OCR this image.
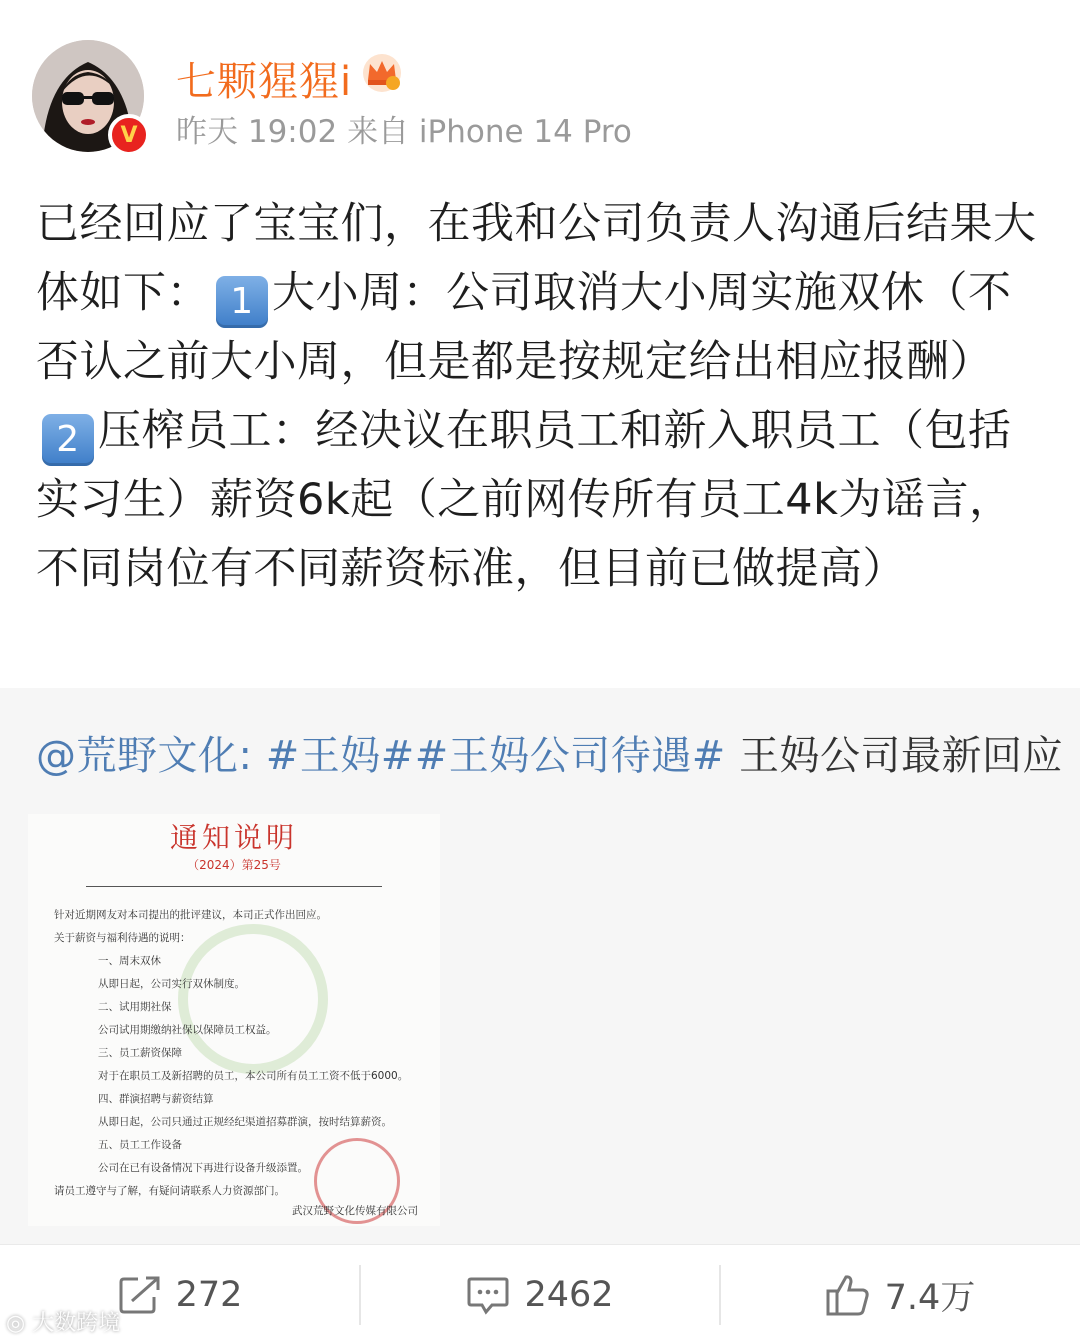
V
七颗猩猩i
昨天 19:02 来自 iPhone 14 Pro
已经回应了宝宝们，在我和公司负责人沟通后结果大体如下： 1 大小周：公司取消大小周实施双休（不否认之前大小周，但是都是按规定给出相应报酬）2 压榨员工：经决议在职员工和新入职员工（包括实习生）薪资6k起（之前网传所有员工4k为谣言，不同岗位有不同薪资标准，但目前已做提高）
@荒野文化: #王妈##王妈公司待遇# 王妈公司最新回应
通知说明
（2024）第25号
针对近期网友对本司提出的批评建议，本司正式作出回应。
关于薪资与福利待遇的说明：
一、周末双休
从即日起，公司实行双休制度。
二、试用期社保
公司试用期缴纳社保以保障员工权益。
三、员工薪资保障
对于在职员工及新招聘的员工，本公司所有员工工资不低于6000。
四、群演招聘与薪资结算
从即日起，公司只通过正规经纪渠道招募群演，按时结算薪资。
五、员工工作设备
公司在已有设备情况下再进行设备升级添置。
请员工遵守与了解，有疑问请联系人力资源部门。
武汉荒野文化传媒有限公司
272	2462	7.4万
◎ 大数跨境
